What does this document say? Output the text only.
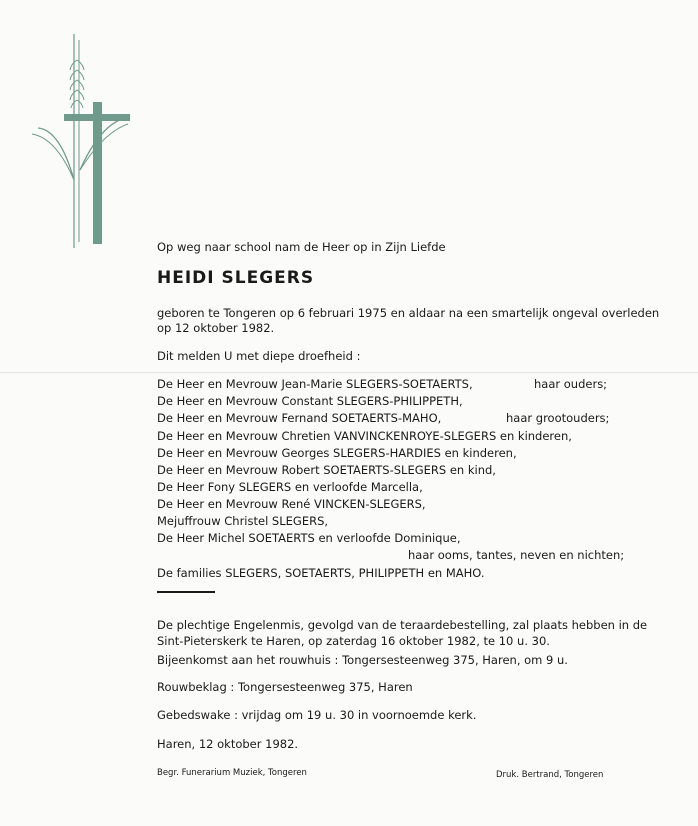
Op weg naar school nam de Heer op in Zijn Liefde
HEIDI SLEGERS
geboren te Tongeren op 6 februari 1975 en aldaar na een smartelijk ongeval overleden
op 12 oktober 1982.
Dit melden U met diepe droefheid :
De Heer en Mevrouw Jean-Marie SLEGERS-SOETAERTS,	haar ouders;
De Heer en Mevrouw Constant SLEGERS-PHILIPPETH,
De Heer en Mevrouw Fernand SOETAERTS-MAHO,	haar grootouders;
De Heer en Mevrouw Chretien VANVINCKENROYE-SLEGERS en kinderen,
De Heer en Mevrouw Georges SLEGERS-HARDIES en kinderen,
De Heer en Mevrouw Robert SOETAERTS-SLEGERS en kind,
De Heer Fony SLEGERS en verloofde Marcella,
De Heer en Mevrouw René VINCKEN-SLEGERS,
Mejuffrouw Christel SLEGERS,
De Heer Michel SOETAERTS en verloofde Dominique,
haar ooms, tantes, neven en nichten;
De families SLEGERS, SOETAERTS, PHILIPPETH en MAHO.
De plechtige Engelenmis, gevolgd van de teraardebestelling, zal plaats hebben in de
Sint-Pieterskerk te Haren, op zaterdag 16 oktober 1982, te 10 u. 30.
Bijeenkomst aan het rouwhuis : Tongersesteenweg 375, Haren, om 9 u.
Rouwbeklag : Tongersesteenweg 375, Haren
Gebedswake : vrijdag om 19 u. 30 in voornoemde kerk.
Haren, 12 oktober 1982.
Begr. Funerarium Muziek, Tongeren	Druk. Bertrand, Tongeren
